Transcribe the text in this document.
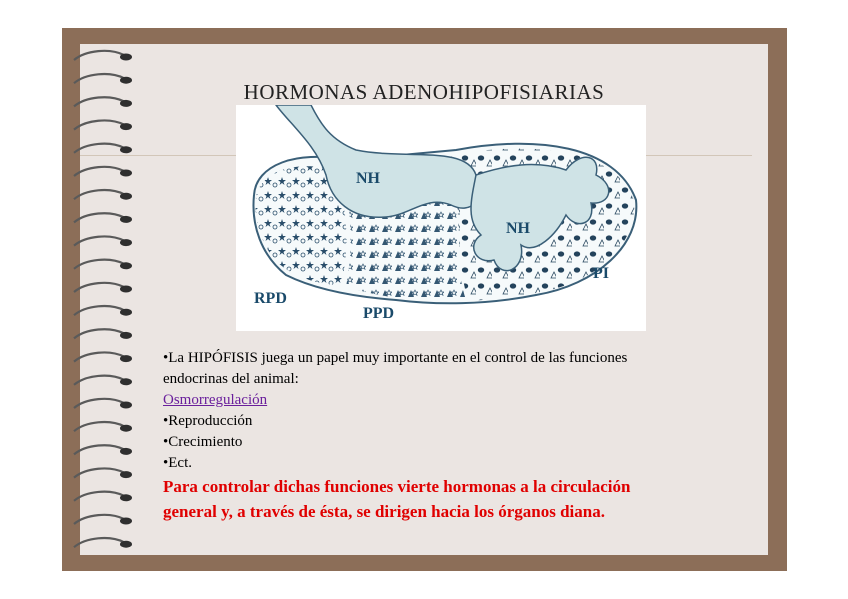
HORMONAS ADENOHIPOFISIARIAS
NH
NH
PI
RPD
PPD

•La HIPÓFISIS juega un papel muy importante en el control de las funciones

endocrinas del animal:

Osmorregulación

•Reproducción

•Crecimiento

•Ect.

Para controlar dichas funciones vierte hormonas a la circulación

general y, a través de ésta, se dirigen hacia los órganos diana.
